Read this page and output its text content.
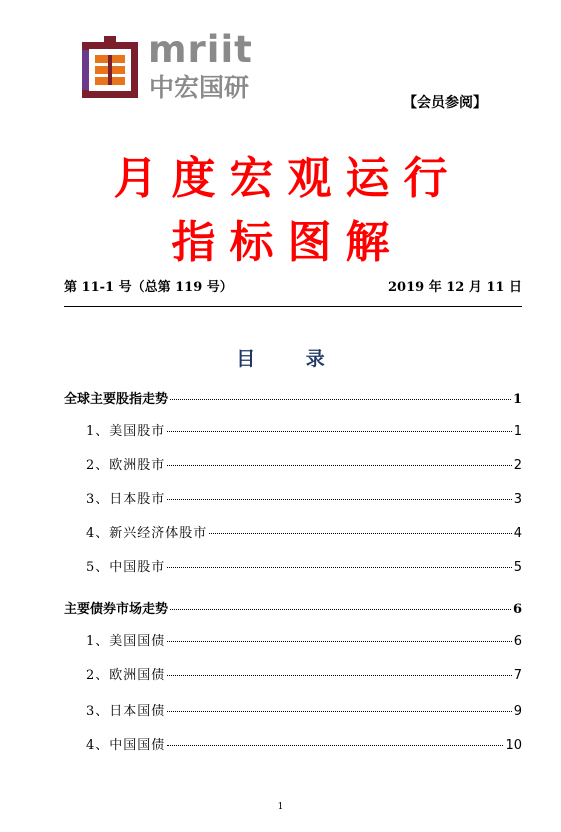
mriit
中宏国研
【会员参阅】
月度宏观运行
指标图解
第 11-1 号（总第 119 号）	2019 年 12 月 11 日
目 录
全球主要股指走势	1
1、美国股市	1
2、欧洲股市	2
3、日本股市	3
4、新兴经济体股市	4
5、中国股市	5
主要债券市场走势	6
1、美国国债	6
2、欧洲国债	7
3、日本国债	9
4、中国国债	10
1
